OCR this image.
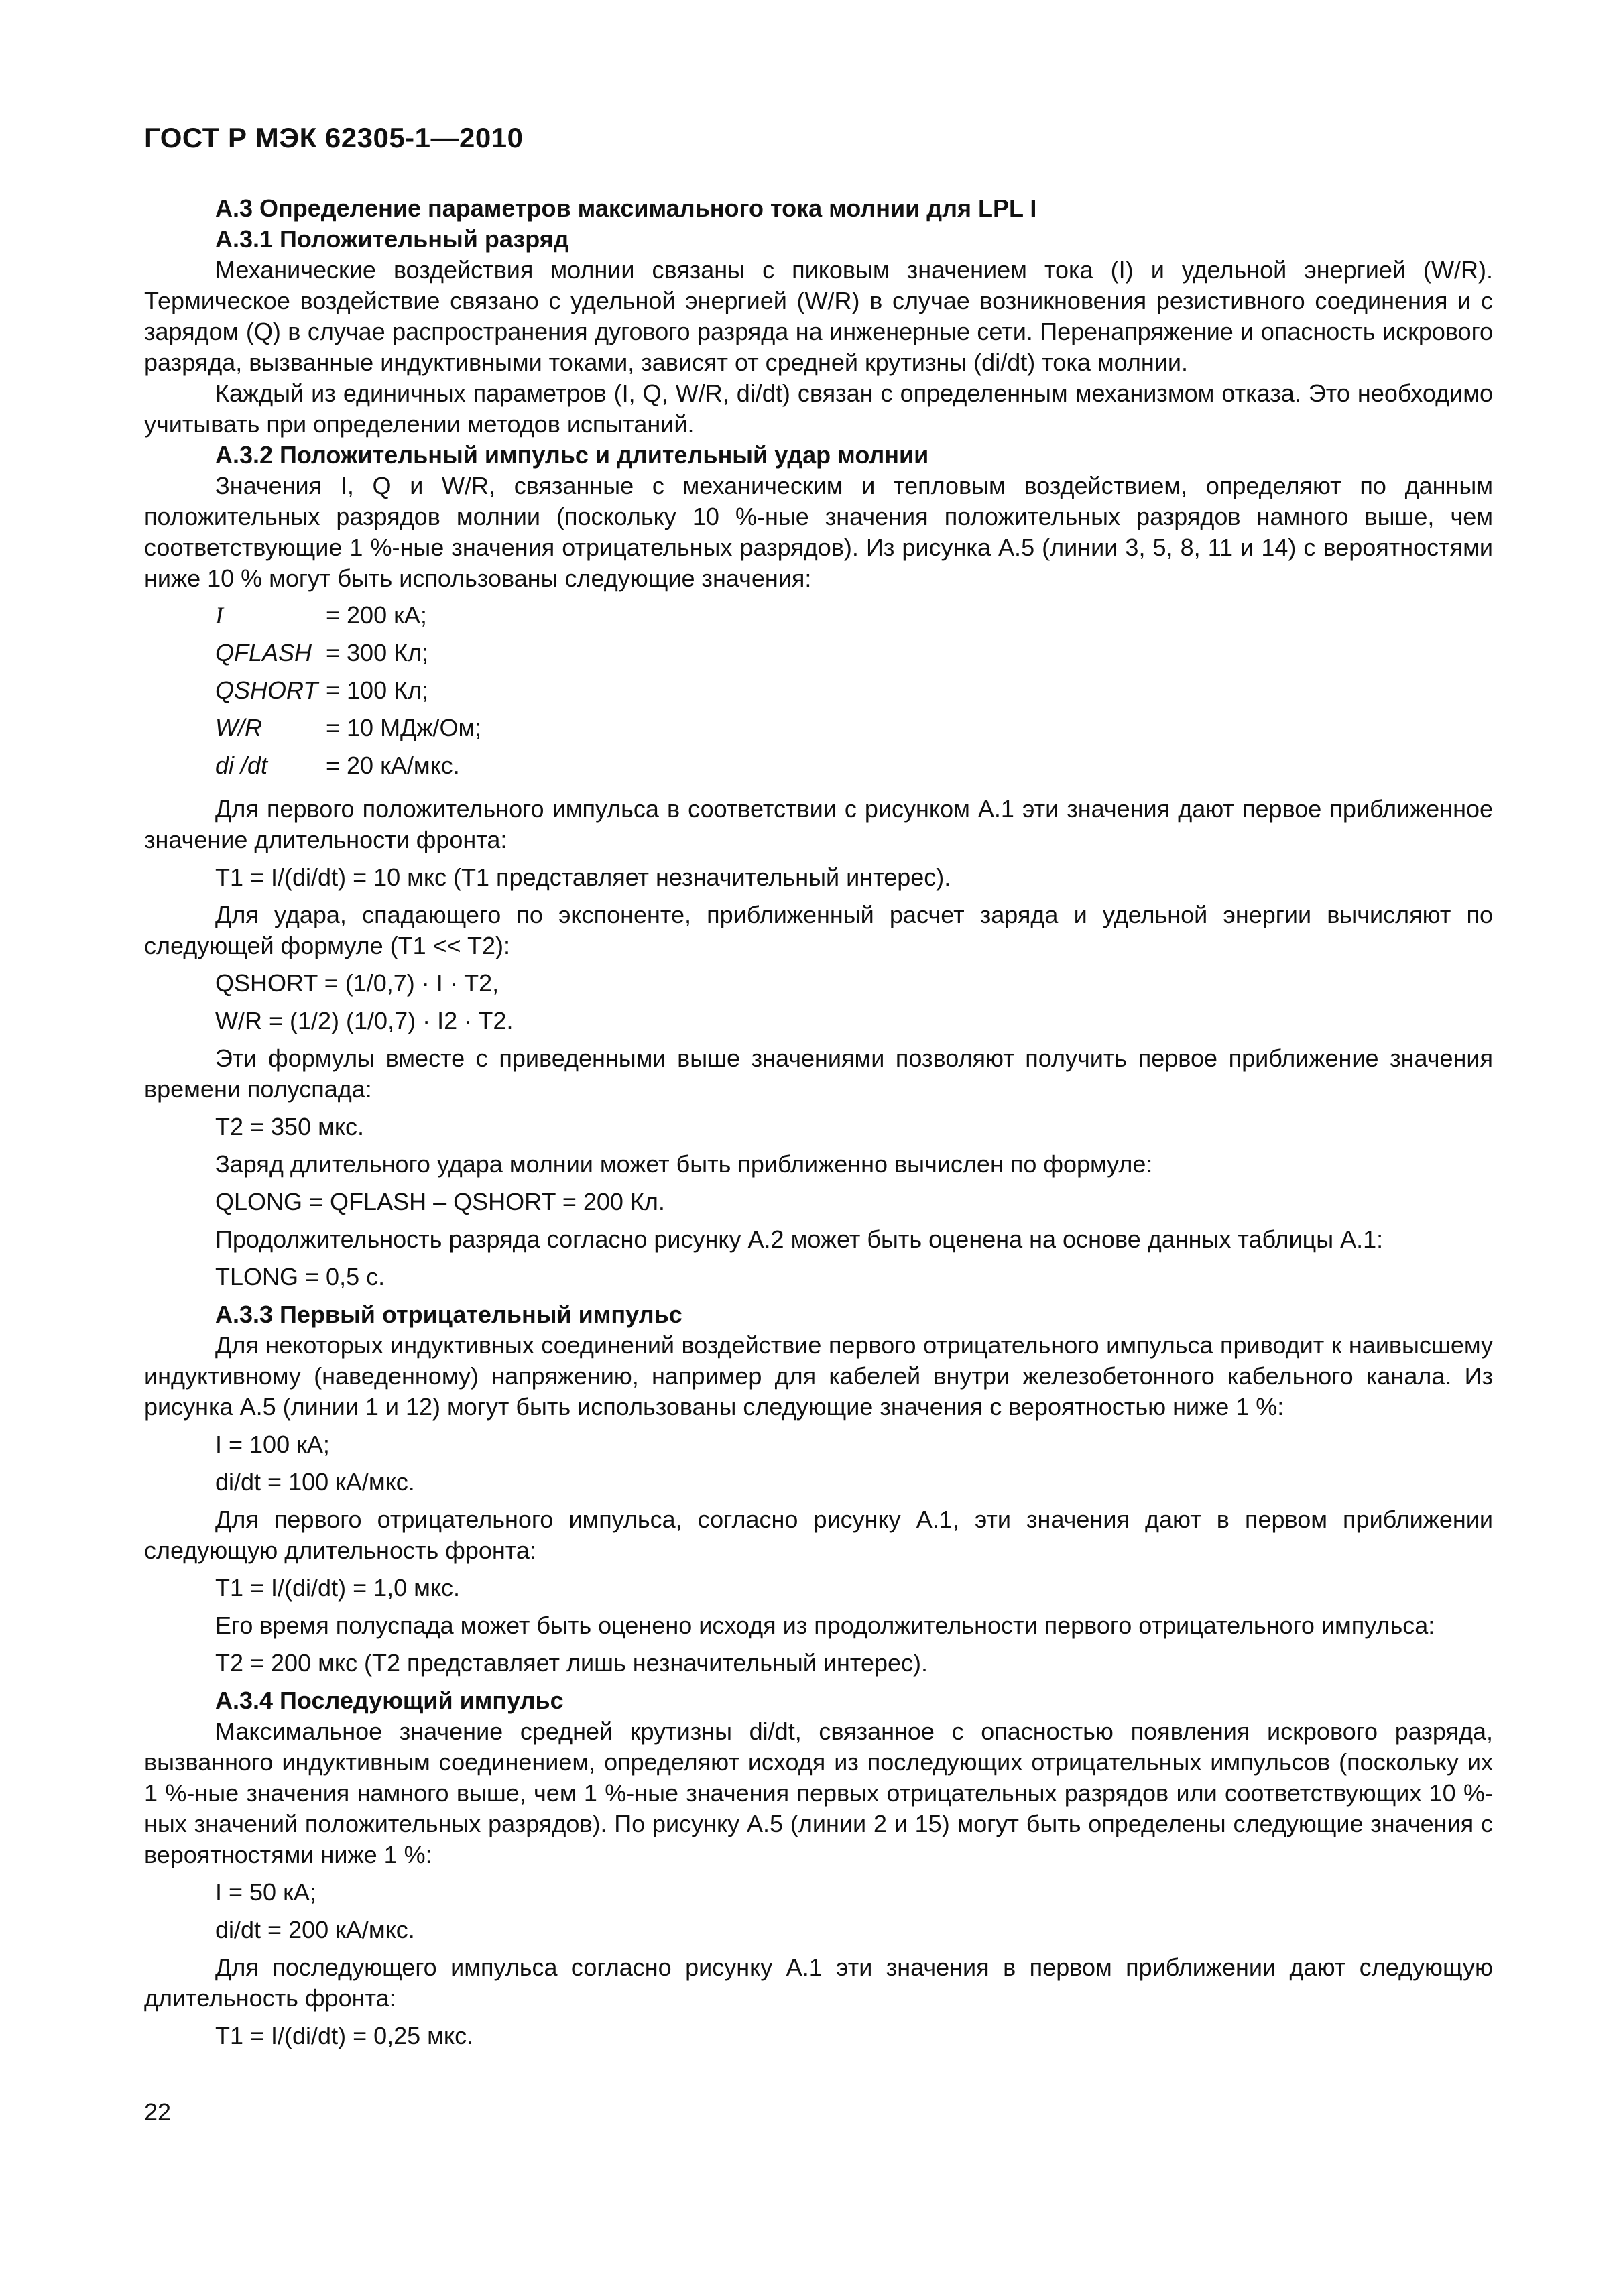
ГОСТ Р МЭК 62305-1—2010

А.3 Определение параметров максимального тока молнии для LPL I

А.3.1 Положительный разряд

Механические воздействия молнии связаны с пиковым значением тока (I) и удельной энергией (W/R). Термическое воздействие связано с удельной энергией (W/R) в случае возникновения резистивного соединения и с зарядом (Q) в случае распространения дугового разряда на инженерные сети. Перенапряжение и опасность искрового разряда, вызванные индуктивными токами, зависят от средней крутизны (di/dt) тока молнии.

Каждый из единичных параметров (I, Q, W/R, di/dt) связан с определенным механизмом отказа. Это необходимо учитывать при определении методов испытаний.

А.3.2 Положительный импульс и длительный удар молнии

Значения I, Q и W/R, связанные с механическим и тепловым воздействием, определяют по данным положительных разрядов молнии (поскольку 10 %-ные значения положительных разрядов намного выше, чем соответствующие 1 %-ные значения отрицательных разрядов). Из рисунка А.5 (линии 3, 5, 8, 11 и 14) с вероятностями ниже 10 % могут быть использованы следующие значения:

I	= 200 кА;
QFLASH	= 300 Кл;
QSHORT	= 100 Кл;
W/R	= 10 МДж/Ом;
di /dt	= 20 кА/мкс.

Для первого положительного импульса в соответствии с рисунком А.1 эти значения дают первое приближенное значение длительности фронта:

T1 = I/(di/dt) = 10 мкс (T1 представляет незначительный интерес).

Для удара, спадающего по экспоненте, приближенный расчет заряда и удельной энергии вычисляют по следующей формуле (T1 << T2):

QSHORT = (1/0,7) · I · T2,

W/R = (1/2) (1/0,7) · I2 · T2.

Эти формулы вместе с приведенными выше значениями позволяют получить первое приближение значения времени полуспада:

T2 = 350 мкс.

Заряд длительного удара молнии может быть приближенно вычислен по формуле:

QLONG = QFLASH – QSHORT = 200 Кл.

Продолжительность разряда согласно рисунку А.2 может быть оценена на основе данных таблицы А.1:

TLONG = 0,5 с.

А.3.3 Первый отрицательный импульс

Для некоторых индуктивных соединений воздействие первого отрицательного импульса приводит к наивысшему индуктивному (наведенному) напряжению, например для кабелей внутри железобетонного кабельного канала. Из рисунка А.5 (линии 1 и 12) могут быть использованы следующие значения с вероятностью ниже 1 %:

I = 100 кА;

di/dt = 100 кА/мкс.

Для первого отрицательного импульса, согласно рисунку А.1, эти значения дают в первом приближении следующую длительность фронта:

T1 = I/(di/dt) = 1,0 мкс.

Его время полуспада может быть оценено исходя из продолжительности первого отрицательного импульса:

T2 = 200 мкс (T2 представляет лишь незначительный интерес).

А.3.4 Последующий импульс

Максимальное значение средней крутизны di/dt, связанное с опасностью появления искрового разряда, вызванного индуктивным соединением, определяют исходя из последующих отрицательных импульсов (поскольку их 1 %-ные значения намного выше, чем 1 %-ные значения первых отрицательных разрядов или соответствующих 10 %-ных значений положительных разрядов). По рисунку А.5 (линии 2 и 15) могут быть определены следующие значения с вероятностями ниже 1 %:

I = 50 кА;

di/dt = 200 кА/мкс.

Для последующего импульса согласно рисунку А.1 эти значения в первом приближении дают следующую длительность фронта:

T1 = I/(di/dt) = 0,25 мкс.

22
